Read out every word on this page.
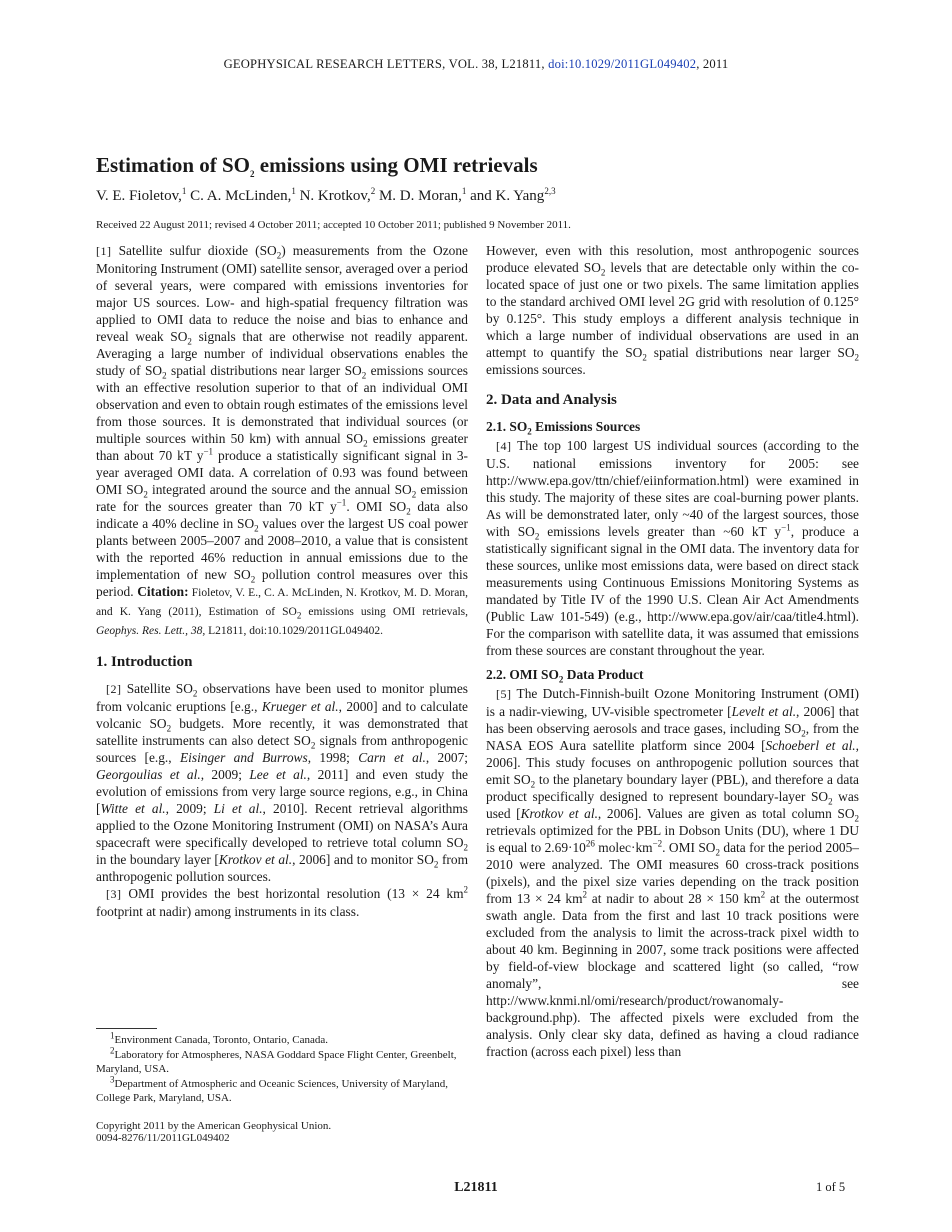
GEOPHYSICAL RESEARCH LETTERS, VOL. 38, L21811, doi:10.1029/2011GL049402, 2011
Estimation of $SO_2$ emissions using OMI retrievals
V. E. Fioletov,$^1$ C. A. McLinden,$^1$ N. Krotkov,$^2$ M. D. Moran,$^1$ and K. Yang$^{2,3}$
Received 22 August 2011; revised 4 October 2011; accepted 10 October 2011; published 9 November 2011.

[1] Satellite sulfur dioxide $(SO_2)$ measurements from the Ozone Monitoring Instrument (OMI) satellite sensor, averaged over a period of several years, were compared with emissions inventories for major US sources. Low- and high-spatial frequency filtration was applied to OMI data to reduce the noise and bias to enhance and reveal weak $SO_2$ signals that are otherwise not readily apparent. Averaging a large number of individual observations enables the study of $SO_2$ spatial distributions near larger $SO_2$ emissions sources with an effective resolution superior to that of an individual OMI observation and even to obtain rough estimates of the emissions level from those sources. It is demonstrated that individual sources (or multiple sources within 50 km) with annual $SO_2$ emissions greater than about 70 kT $y^{-1}$ produce a statistically significant signal in 3-year averaged OMI data. A correlation of 0.93 was found between OMI $SO_2$ integrated around the source and the annual $SO_2$ emission rate for the sources greater than 70 kT $y^{-1}$. OMI $SO_2$ data also indicate a 40% decline in $SO_2$ values over the largest US coal power plants between 2005–2007 and 2008–2010, a value that is consistent with the reported 46% reduction in annual emissions due to the implementation of new $SO_2$ pollution control measures over this period. Citation: Fioletov, V. E., C. A. McLinden, N. Krotkov, M. D. Moran, and K. Yang (2011), Estimation of $SO_2$ emissions using OMI retrievals, Geophys. Res. Lett., 38, L21811, doi:10.1029/2011GL049402.

1. Introduction

[2] Satellite $SO_2$ observations have been used to monitor plumes from volcanic eruptions [e.g., Krueger et al., 2000] and to calculate volcanic $SO_2$ budgets. More recently, it was demonstrated that satellite instruments can also detect $SO_2$ signals from anthropogenic sources [e.g., Eisinger and Burrows, 1998; Carn et al., 2007; Georgoulias et al., 2009; Lee et al., 2011] and even study the evolution of emissions from very large source regions, e.g., in China [Witte et al., 2009; Li et al., 2010]. Recent retrieval algorithms applied to the Ozone Monitoring Instrument (OMI) on NASA’s Aura spacecraft were specifically developed to retrieve total column $SO_2$ in the boundary layer [Krotkov et al., 2006] and to monitor $SO_2$ from anthropogenic pollution sources.

[3] OMI provides the best horizontal resolution (13 × 24 $km^2$ footprint at nadir) among instruments in its class.

However, even with this resolution, most anthropogenic sources produce elevated $SO_2$ levels that are detectable only within the co-located space of just one or two pixels. The same limitation applies to the standard archived OMI level 2G grid with resolution of 0.125° by 0.125°. This study employs a different analysis technique in which a large number of individual observations are used in an attempt to quantify the $SO_2$ spatial distributions near larger $SO_2$ emissions sources.

2. Data and Analysis
2.1. $SO_2$ Emissions Sources

[4] The top 100 largest US individual sources (according to the U.S. national emissions inventory for 2005: see http://www.epa.gov/ttn/chief/eiinformation.html) were examined in this study. The majority of these sites are coal-burning power plants. As will be demonstrated later, only ~40 of the largest sources, those with $SO_2$ emissions levels greater than ~60 kT $y^{-1}$, produce a statistically significant signal in the OMI data. The inventory data for these sources, unlike most emissions data, were based on direct stack measurements using Continuous Emissions Monitoring Systems as mandated by Title IV of the 1990 U.S. Clean Air Act Amendments (Public Law 101-549) (e.g., http://www.epa.gov/air/caa/title4.html). For the comparison with satellite data, it was assumed that emissions from these sources are constant throughout the year.

2.2. OMI $SO_2$ Data Product

[5] The Dutch-Finnish-built Ozone Monitoring Instrument (OMI) is a nadir-viewing, UV-visible spectrometer [Levelt et al., 2006] that has been observing aerosols and trace gases, including $SO_2$, from the NASA EOS Aura satellite platform since 2004 [Schoeberl et al., 2006]. This study focuses on anthropogenic pollution sources that emit $SO_2$ to the planetary boundary layer (PBL), and therefore a data product specifically designed to represent boundary-layer $SO_2$ was used [Krotkov et al., 2006]. Values are given as total column $SO_2$ retrievals optimized for the PBL in Dobson Units (DU), where 1 DU is equal to $2.69\cdot 10^{26}$ $molec\cdot km^{-2}$. OMI $SO_2$ data for the period 2005–2010 were analyzed. The OMI measures 60 cross-track positions (pixels), and the pixel size varies depending on the track position from 13 × 24 $km^2$ at nadir to about 28 × 150 $km^2$ at the outermost swath angle. Data from the first and last 10 track positions were excluded from the analysis to limit the across-track pixel width to about 40 km. Beginning in 2007, some track positions were affected by field-of-view blockage and scattered light (so called, “row anomaly”, see http://www.knmi.nl/omi/research/product/rowanomaly-background.php). The affected pixels were excluded from the analysis. Only clear sky data, defined as having a cloud radiance fraction (across each pixel) less than

$^1$Environment Canada, Toronto, Ontario, Canada.

$^2$Laboratory for Atmospheres, NASA Goddard Space Flight Center, Greenbelt, Maryland, USA.

$^3$Department of Atmospheric and Oceanic Sciences, University of Maryland, College Park, Maryland, USA.

Copyright 2011 by the American Geophysical Union.
0094-8276/11/2011GL049402
L21811	1 of 5
